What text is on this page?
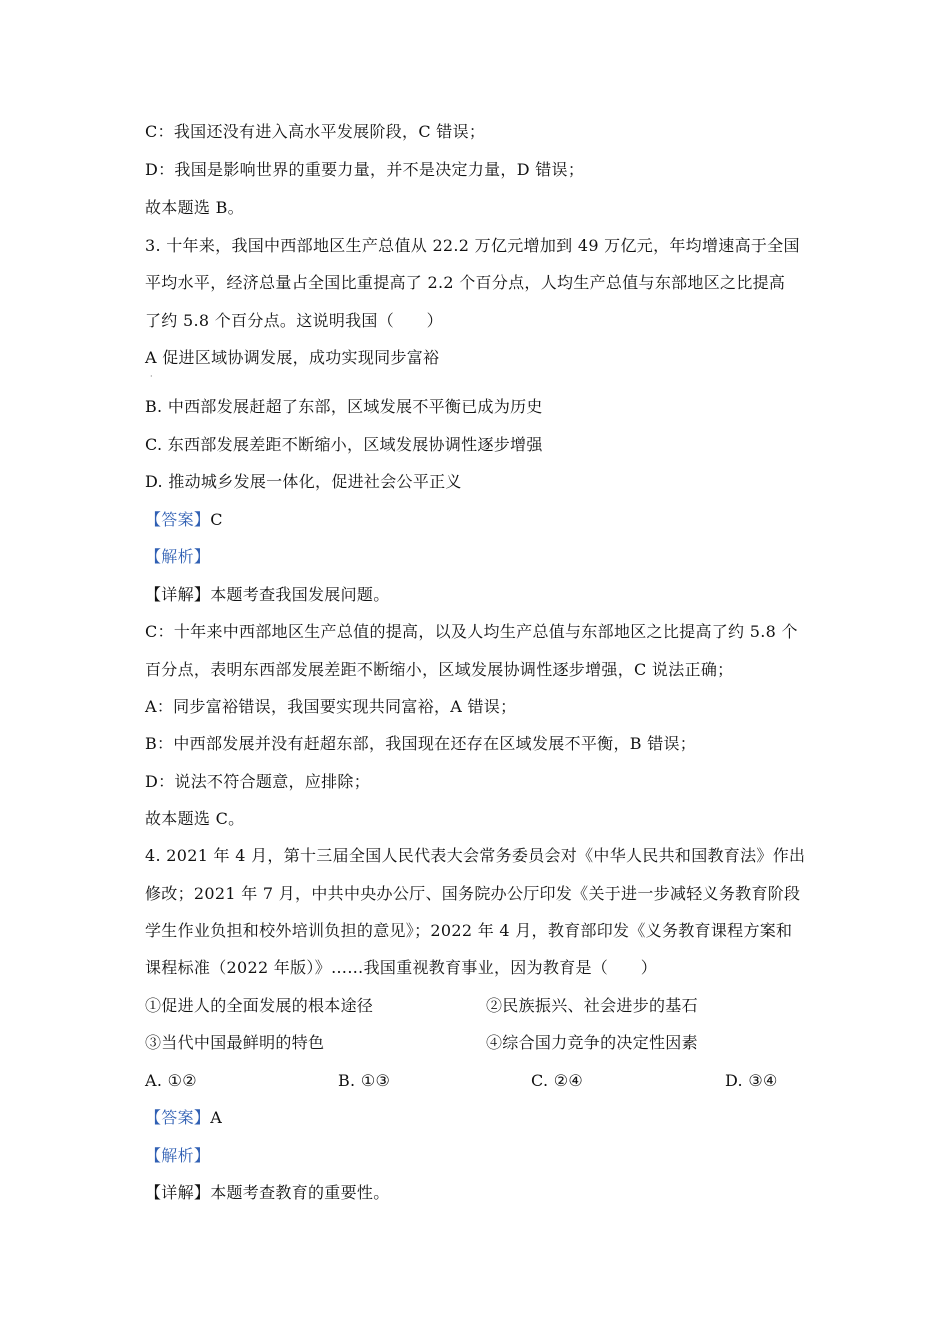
C：我国还没有进入高水平发展阶段，C 错误；
D：我国是影响世界的重要力量，并不是决定力量，D 错误；
故本题选 B。
3. 十年来，我国中西部地区生产总值从 22.2 万亿元增加到 49 万亿元，年均增速高于全国
平均水平，经济总量占全国比重提高了 2.2 个百分点，人均生产总值与东部地区之比提高
了约 5.8 个百分点。这说明我国（　　）
A 促进区域协调发展，成功实现同步富裕
·
B. 中西部发展赶超了东部，区域发展不平衡已成为历史
C. 东西部发展差距不断缩小，区域发展协调性逐步增强
D. 推动城乡发展一体化，促进社会公平正义
【答案】C
【解析】
【详解】本题考查我国发展问题。
C：十年来中西部地区生产总值的提高，以及人均生产总值与东部地区之比提高了约 5.8 个
百分点，表明东西部发展差距不断缩小，区域发展协调性逐步增强，C 说法正确；
A：同步富裕错误，我国要实现共同富裕，A 错误；
B：中西部发展并没有赶超东部，我国现在还存在区域发展不平衡，B 错误；
D：说法不符合题意，应排除；
故本题选 C。
4. 2021 年 4 月，第十三届全国人民代表大会常务委员会对《中华人民共和国教育法》作出
修改；2021 年 7 月，中共中央办公厅、国务院办公厅印发《关于进一步减轻义务教育阶段
学生作业负担和校外培训负担的意见》；2022 年 4 月，教育部印发《义务教育课程方案和
课程标准（2022 年版）》……我国重视教育事业，因为教育是（　　）
①促进人的全面发展的根本途径	②民族振兴、社会进步的基石
③当代中国最鲜明的特色	④综合国力竞争的决定性因素
A. ①②	B. ①③	C. ②④	D. ③④
【答案】A
【解析】
【详解】本题考查教育的重要性。
